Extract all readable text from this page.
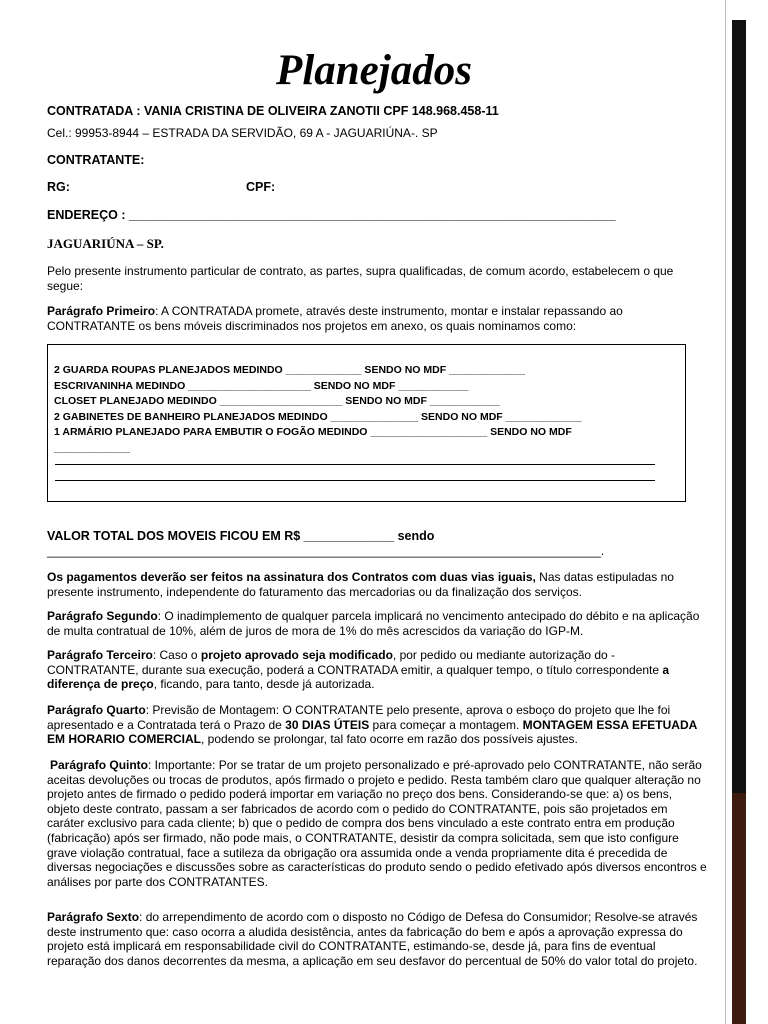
Planejados
CONTRATADA : VANIA CRISTINA DE OLIVEIRA ZANOTII CPF 148.968.458-11
Cel.: 99953-8944 – ESTRADA DA SERVIDÃO, 69 A - JAGUARIÚNA-. SP
CONTRATANTE:
RG:	CPF:
ENDEREÇO : ______________________________________________________________________
JAGUARIÚNA – SP.

Pelo presente instrumento particular de contrato, as partes, supra qualificadas, de comum acordo, estabelecem o que segue:

Parágrafo Primeiro: A CONTRATADA promete, através deste instrumento, montar e instalar repassando ao CONTRATANTE os bens móveis discriminados nos projetos em anexo, os quais nominamos como:

2 GUARDA ROUPAS PLANEJADOS MEDINDO _____________ SENDO NO MDF _____________
ESCRIVANINHA MEDINDO _____________________ SENDO NO MDF ____________
CLOSET PLANEJADO MEDINDO _____________________ SENDO NO MDF ____________
2 GABINETES DE BANHEIRO PLANEJADOS MEDINDO _______________ SENDO NO MDF _____________
1 ARMÁRIO PLANEJADO PARA EMBUTIR O FOGÃO MEDINDO ____________________ SENDO NO MDF
_____________
VALOR TOTAL DOS MOVEIS FICOU EM R$ _____________ sendo
___________________________________________________________________________________.

Os pagamentos deverão ser feitos na assinatura dos Contratos com duas vias iguais, Nas datas estipuladas no presente instrumento, independente do faturamento das mercadorias ou da finalização dos serviços.

Parágrafo Segundo: O inadimplemento de qualquer parcela implicará no vencimento antecipado do débito e na aplicação de multa contratual de 10%, além de juros de mora de 1% do mês acrescidos da variação do IGP-M.

Parágrafo Terceiro: Caso o projeto aprovado seja modificado, por pedido ou mediante autorização do - CONTRATANTE, durante sua execução, poderá a CONTRATADA emitir, a qualquer tempo, o título correspondente a diferença de preço, ficando, para tanto, desde já autorizada.

Parágrafo Quarto: Previsão de Montagem: O CONTRATANTE pelo presente, aprova o esboço do projeto que lhe foi apresentado e a Contratada terá o Prazo de 30 DIAS ÚTEIS para começar a montagem. MONTAGEM ESSA EFETUADA EM HORARIO COMERCIAL, podendo se prolongar, tal fato ocorre em razão dos possíveis ajustes.

Parágrafo Quinto: Importante: Por se tratar de um projeto personalizado e pré-aprovado pelo CONTRATANTE, não serão aceitas devoluções ou trocas de produtos, após firmado o projeto e pedido. Resta também claro que qualquer alteração no projeto antes de firmado o pedido poderá importar em variação no preço dos bens. Considerando-se que: a) os bens, objeto deste contrato, passam a ser fabricados de acordo com o pedido do CONTRATANTE, pois são projetados em caráter exclusivo para cada cliente; b) que o pedido de compra dos bens vinculado a este contrato entra em produção (fabricação) após ser firmado, não pode mais, o CONTRATANTE, desistir da compra solicitada, sem que isto configure grave violação contratual, face a sutileza da obrigação ora assumida onde a venda propriamente dita é precedida de diversas negociações e discussões sobre as características do produto sendo o pedido efetivado após diversos encontros e análises por parte dos CONTRATANTES.

Parágrafo Sexto: do arrependimento de acordo com o disposto no Código de Defesa do Consumidor; Resolve-se através deste instrumento que: caso ocorra a aludida desistência, antes da fabricação do bem e após a aprovação expressa do projeto está implicará em responsabilidade civil do CONTRATANTE, estimando-se, desde já, para fins de eventual reparação dos danos decorrentes da mesma, a aplicação em seu desfavor do percentual de 50% do valor total do projeto.
